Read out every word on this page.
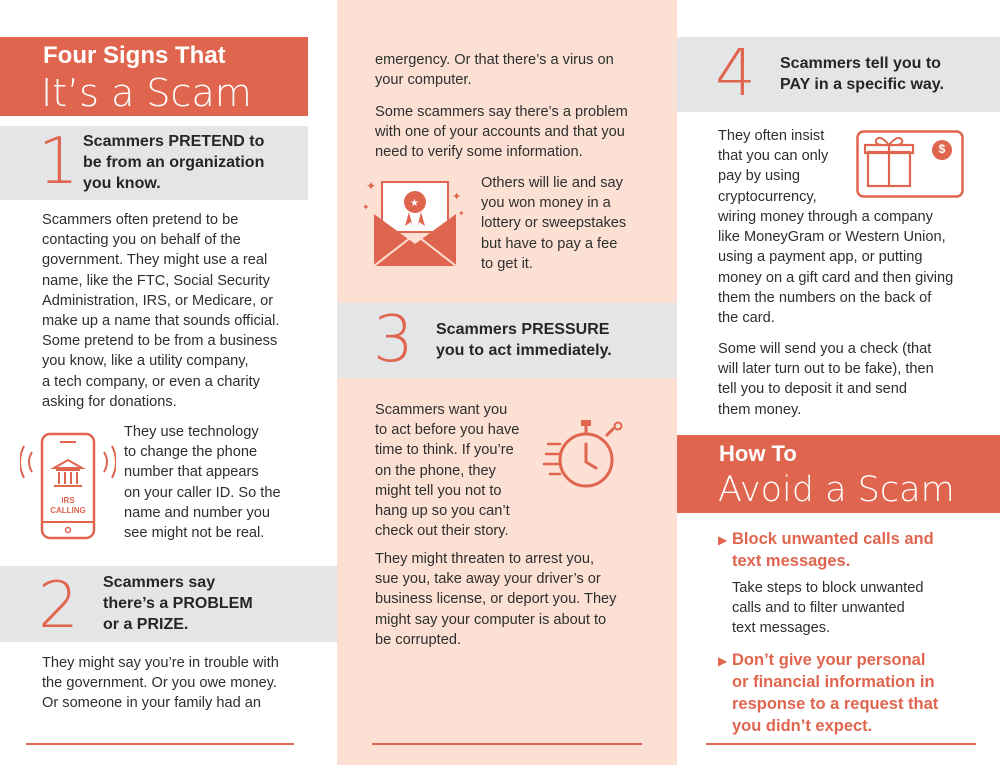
Four Signs That
It’s a Scam
1 Scammers PRETEND to
be from an organization
you know.
Scammers often pretend to be
contacting you on behalf of the
government. They might use a real
name, like the FTC, Social Security
Administration, IRS, or Medicare, or
make up a name that sounds official.
Some pretend to be from a business
you know, like a utility company,
a tech company, or even a charity
asking for donations.
IRS
CALLING
They use technology
to change the phone
number that appears
on your caller ID. So the
name and number you
see might not be real.
2 Scammers say
there’s a PROBLEM
or a PRIZE.
They might say you’re in trouble with
the government. Or you owe money.
Or someone in your family had an
emergency. Or that there’s a virus on
your computer.
Some scammers say there’s a problem
with one of your accounts and that you
need to verify some information.
✦
✦
✦
✦
★
Others will lie and say
you won money in a
lottery or sweepstakes
but have to pay a fee
to get it.
3 Scammers PRESSURE
you to act immediately.
Scammers want you
to act before you have
time to think. If you’re
on the phone, they
might tell you not to
hang up so you can’t
check out their story.
They might threaten to arrest you,
sue you, take away your driver’s or
business license, or deport you. They
might say your computer is about to
be corrupted.
4 Scammers tell you to
PAY in a specific way.
They often insist
that you can only
pay by using
cryptocurrency,
$
wiring money through a company
like MoneyGram or Western Union,
using a payment app, or putting
money on a gift card and then giving
them the numbers on the back of
the card.
Some will send you a check (that
will later turn out to be fake), then
tell you to deposit it and send
them money.
How To
Avoid a Scam
▶ Block unwanted calls and
text messages.
Take steps to block unwanted
calls and to filter unwanted
text messages.
▶ Don’t give your personal
or financial information in
response to a request that
you didn’t expect.
